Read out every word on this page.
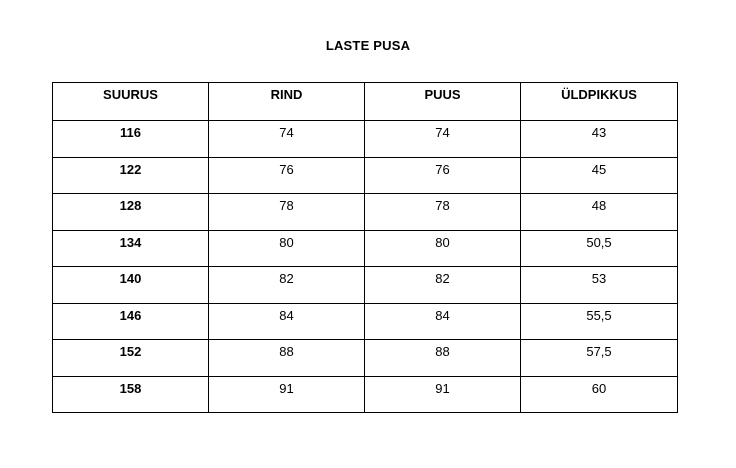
LASTE PUSA
SUURUS	RIND	PUUS	ÜLDPIKKUS
116	74	74	43
122	76	76	45
128	78	78	48
134	80	80	50,5
140	82	82	53
146	84	84	55,5
152	88	88	57,5
158	91	91	60
